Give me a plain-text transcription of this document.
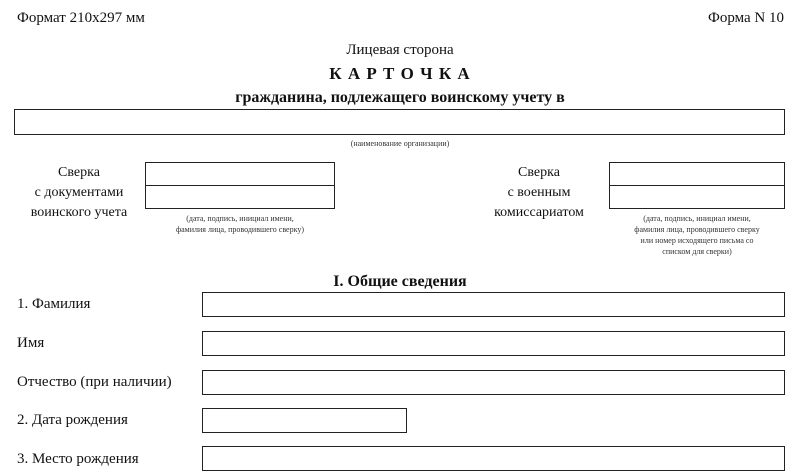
Формат 210x297 мм	Форма N 10
Лицевая сторона
К А Р Т О Ч К А
гражданина, подлежащего воинскому учету в
(наименование организации)
Сверка
с документами
воинского учета	(дата, подпись, инициал имени,
фамилия лица, проводившего сверку)
Сверка
с военным
комиссариатом	(дата, подпись, инициал имени,
фамилия лица, проводившего сверку
или номер исходящего письма со
списком для сверки)
I. Общие сведения
1. Фамилия
Имя
Отчество (при наличии)
2. Дата рождения
3. Место рождения
